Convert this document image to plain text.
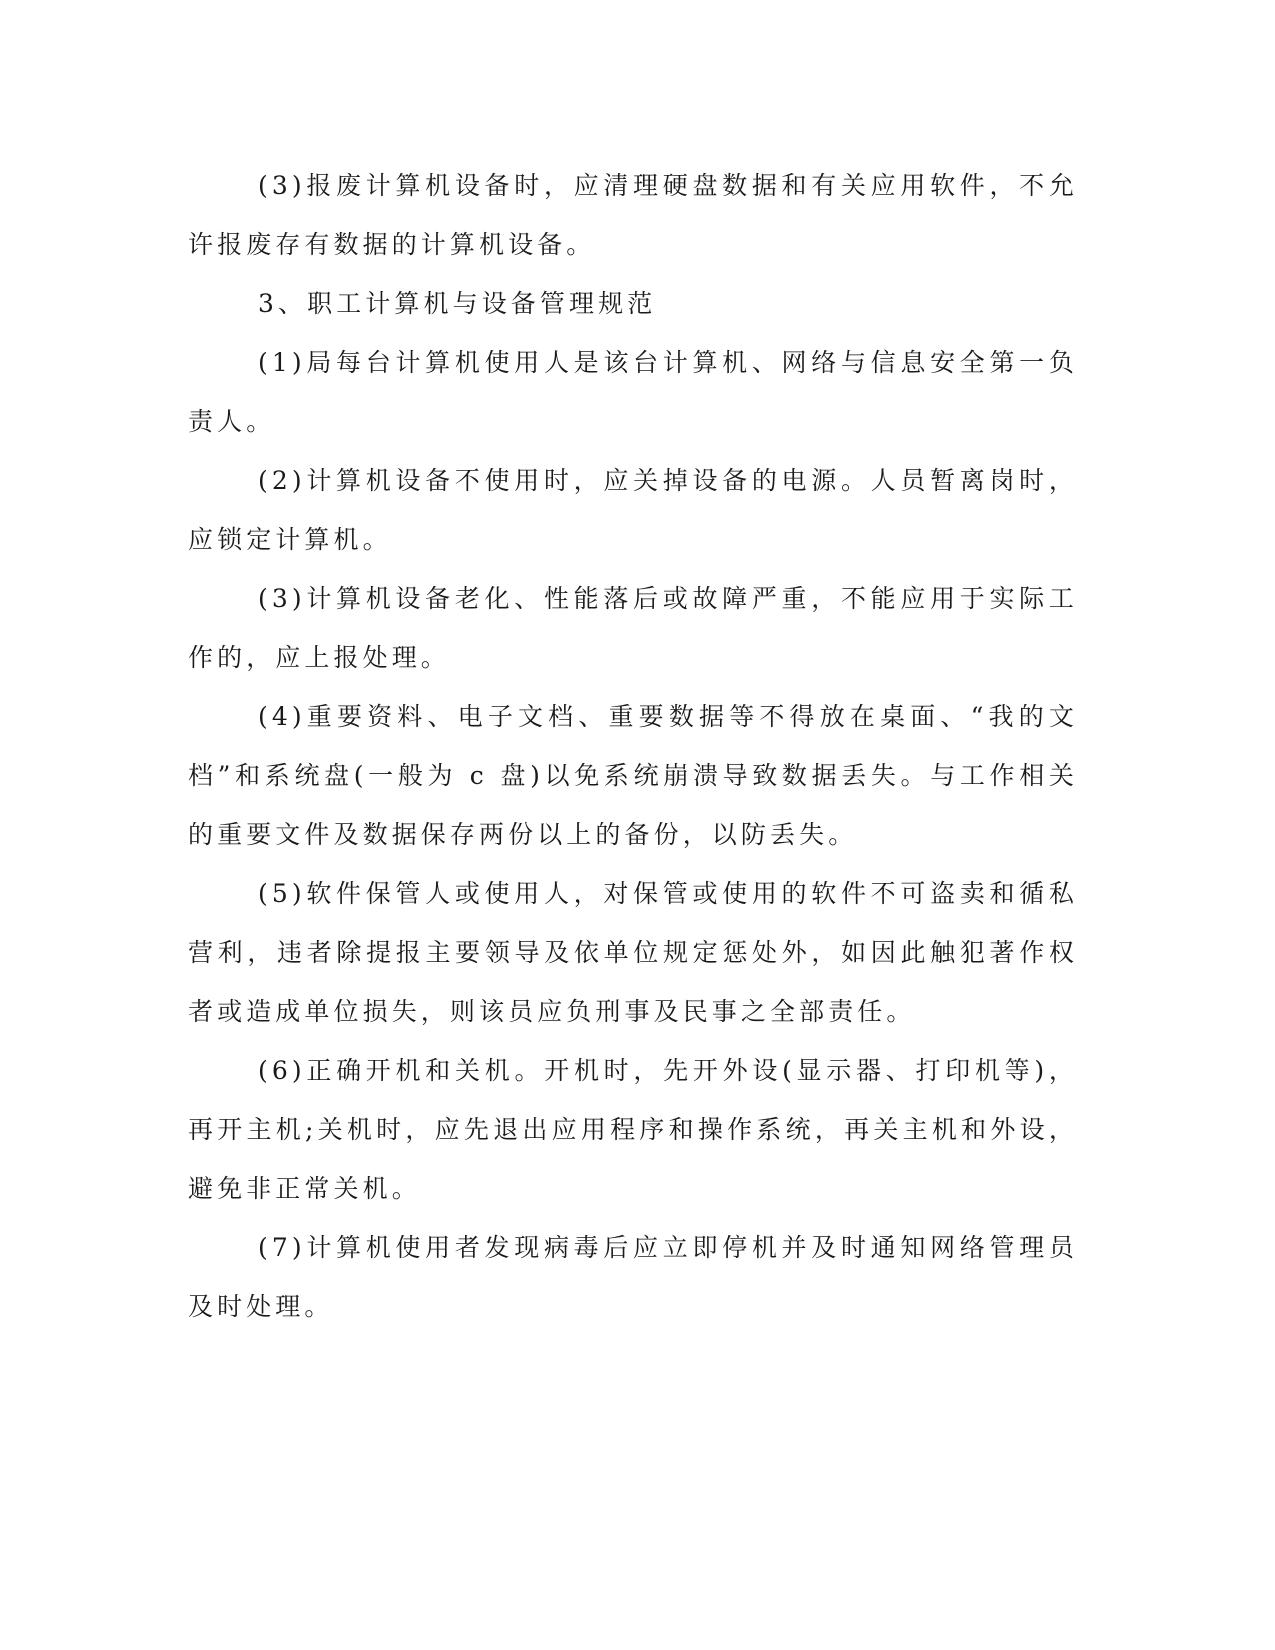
(3)报废计算机设备时，应清理硬盘数据和有关应用软件，不允许报废存有数据的计算机设备。

3、职工计算机与设备管理规范

(1)局每台计算机使用人是该台计算机、网络与信息安全第一负责人。

(2)计算机设备不使用时，应关掉设备的电源。人员暂离岗时，应锁定计算机。

(3)计算机设备老化、性能落后或故障严重，不能应用于实际工作的，应上报处理。

(4)重要资料、电子文档、重要数据等不得放在桌面、“我的文档”和系统盘(一般为 c 盘)以免系统崩溃导致数据丢失。与工作相关的重要文件及数据保存两份以上的备份，以防丢失。

(5)软件保管人或使用人，对保管或使用的软件不可盗卖和循私营利，违者除提报主要领导及依单位规定惩处外，如因此触犯著作权者或造成单位损失，则该员应负刑事及民事之全部责任。

(6)正确开机和关机。开机时，先开外设(显示器、打印机等)，再开主机;关机时，应先退出应用程序和操作系统，再关主机和外设，避免非正常关机。

(7)计算机使用者发现病毒后应立即停机并及时通知网络管理员及时处理。
